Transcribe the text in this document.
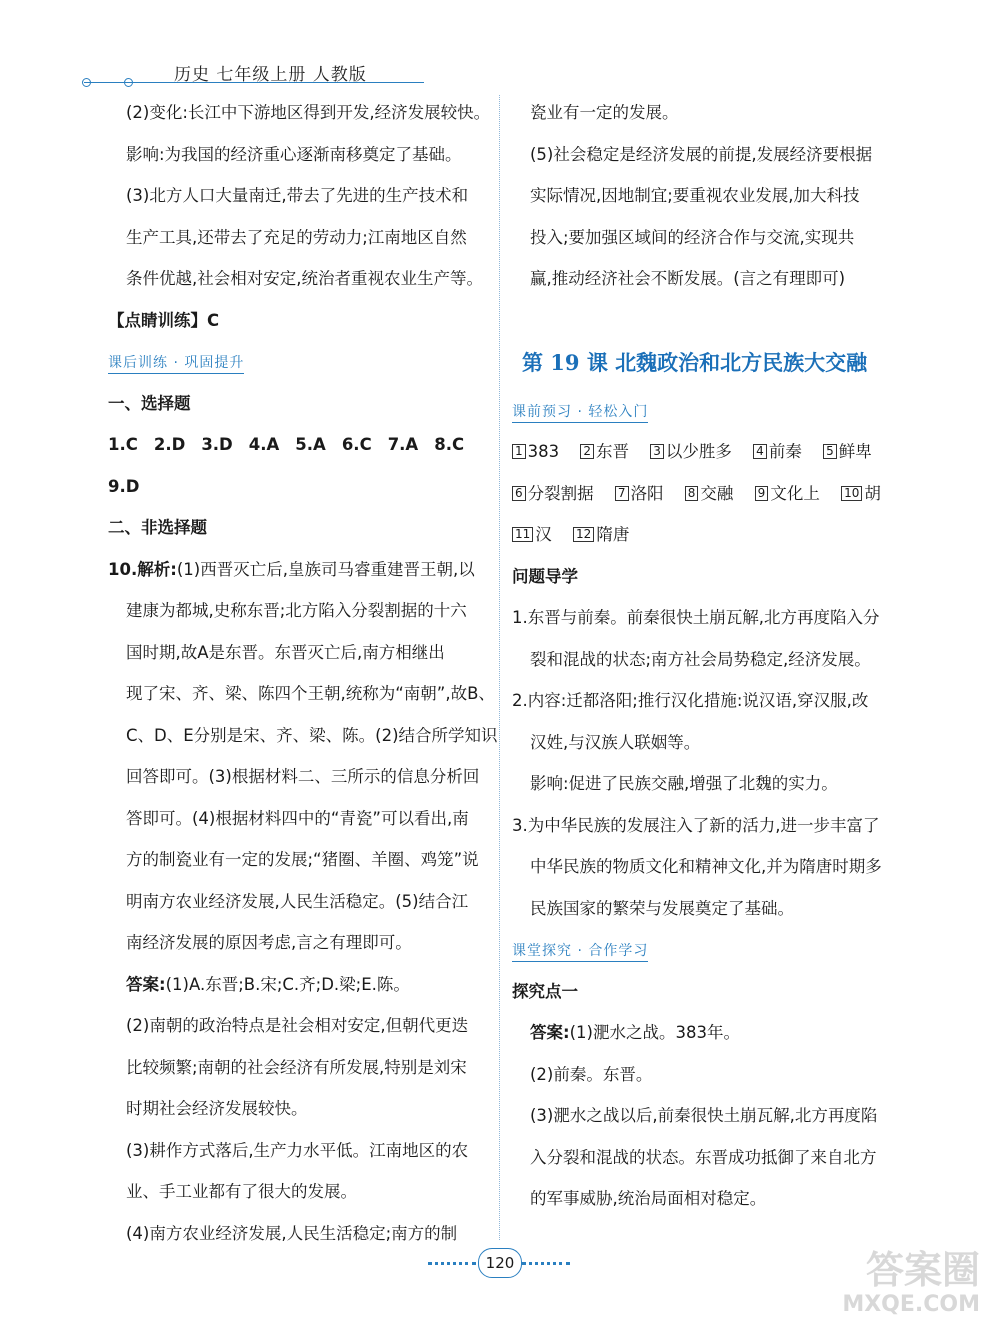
历史 七年级上册 人教版

(2)变化:长江中下游地区得到开发,经济发展较快。

影响:为我国的经济重心逐渐南移奠定了基础。

(3)北方人口大量南迁,带去了先进的生产技术和

生产工具,还带去了充足的劳动力;江南地区自然

条件优越,社会相对安定,统治者重视农业生产等。

【点睛训练】C

课后训练 · 巩固提升

一、选择题

1.C 2.D 3.D 4.A 5.A 6.C 7.A 8.C

9.D

二、非选择题

10.解析:(1)西晋灭亡后,皇族司马睿重建晋王朝,以

建康为都城,史称东晋;北方陷入分裂割据的十六

国时期,故A是东晋。东晋灭亡后,南方相继出

现了宋、齐、梁、陈四个王朝,统称为“南朝”,故B、

C、D、E分别是宋、齐、梁、陈。(2)结合所学知识

回答即可。(3)根据材料二、三所示的信息分析回

答即可。(4)根据材料四中的“青瓷”可以看出,南

方的制瓷业有一定的发展;“猪圈、羊圈、鸡笼”说

明南方农业经济发展,人民生活稳定。(5)结合江

南经济发展的原因考虑,言之有理即可。

答案:(1)A.东晋;B.宋;C.齐;D.梁;E.陈。

(2)南朝的政治特点是社会相对安定,但朝代更迭

比较频繁;南朝的社会经济有所发展,特别是刘宋

时期社会经济发展较快。

(3)耕作方式落后,生产力水平低。江南地区的农

业、手工业都有了很大的发展。

(4)南方农业经济发展,人民生活稳定;南方的制

瓷业有一定的发展。

(5)社会稳定是经济发展的前提,发展经济要根据

实际情况,因地制宜;要重视农业发展,加大科技

投入;要加强区域间的经济合作与交流,实现共

赢,推动经济社会不断发展。(言之有理即可)

第 19 课 北魏政治和北方民族大交融
课前预习 · 轻松入门

1 383 2 东晋 3 以少胜多 4 前秦 5 鲜卑

6 分裂割据 7 洛阳 8 交融 9 文化上 10 胡

11 汉 12 隋唐

问题导学

1.东晋与前秦。前秦很快土崩瓦解,北方再度陷入分

裂和混战的状态;南方社会局势稳定,经济发展。

2.内容:迁都洛阳;推行汉化措施:说汉语,穿汉服,改

汉姓,与汉族人联姻等。

影响:促进了民族交融,增强了北魏的实力。

3.为中华民族的发展注入了新的活力,进一步丰富了

中华民族的物质文化和精神文化,并为隋唐时期多

民族国家的繁荣与发展奠定了基础。

课堂探究 · 合作学习

探究点一

答案:(1)淝水之战。383年。

(2)前秦。东晋。

(3)淝水之战以后,前秦很快土崩瓦解,北方再度陷

入分裂和混战的状态。东晋成功抵御了来自北方

的军事威胁,统治局面相对稳定。

120	答案圈
MXQE.COM
